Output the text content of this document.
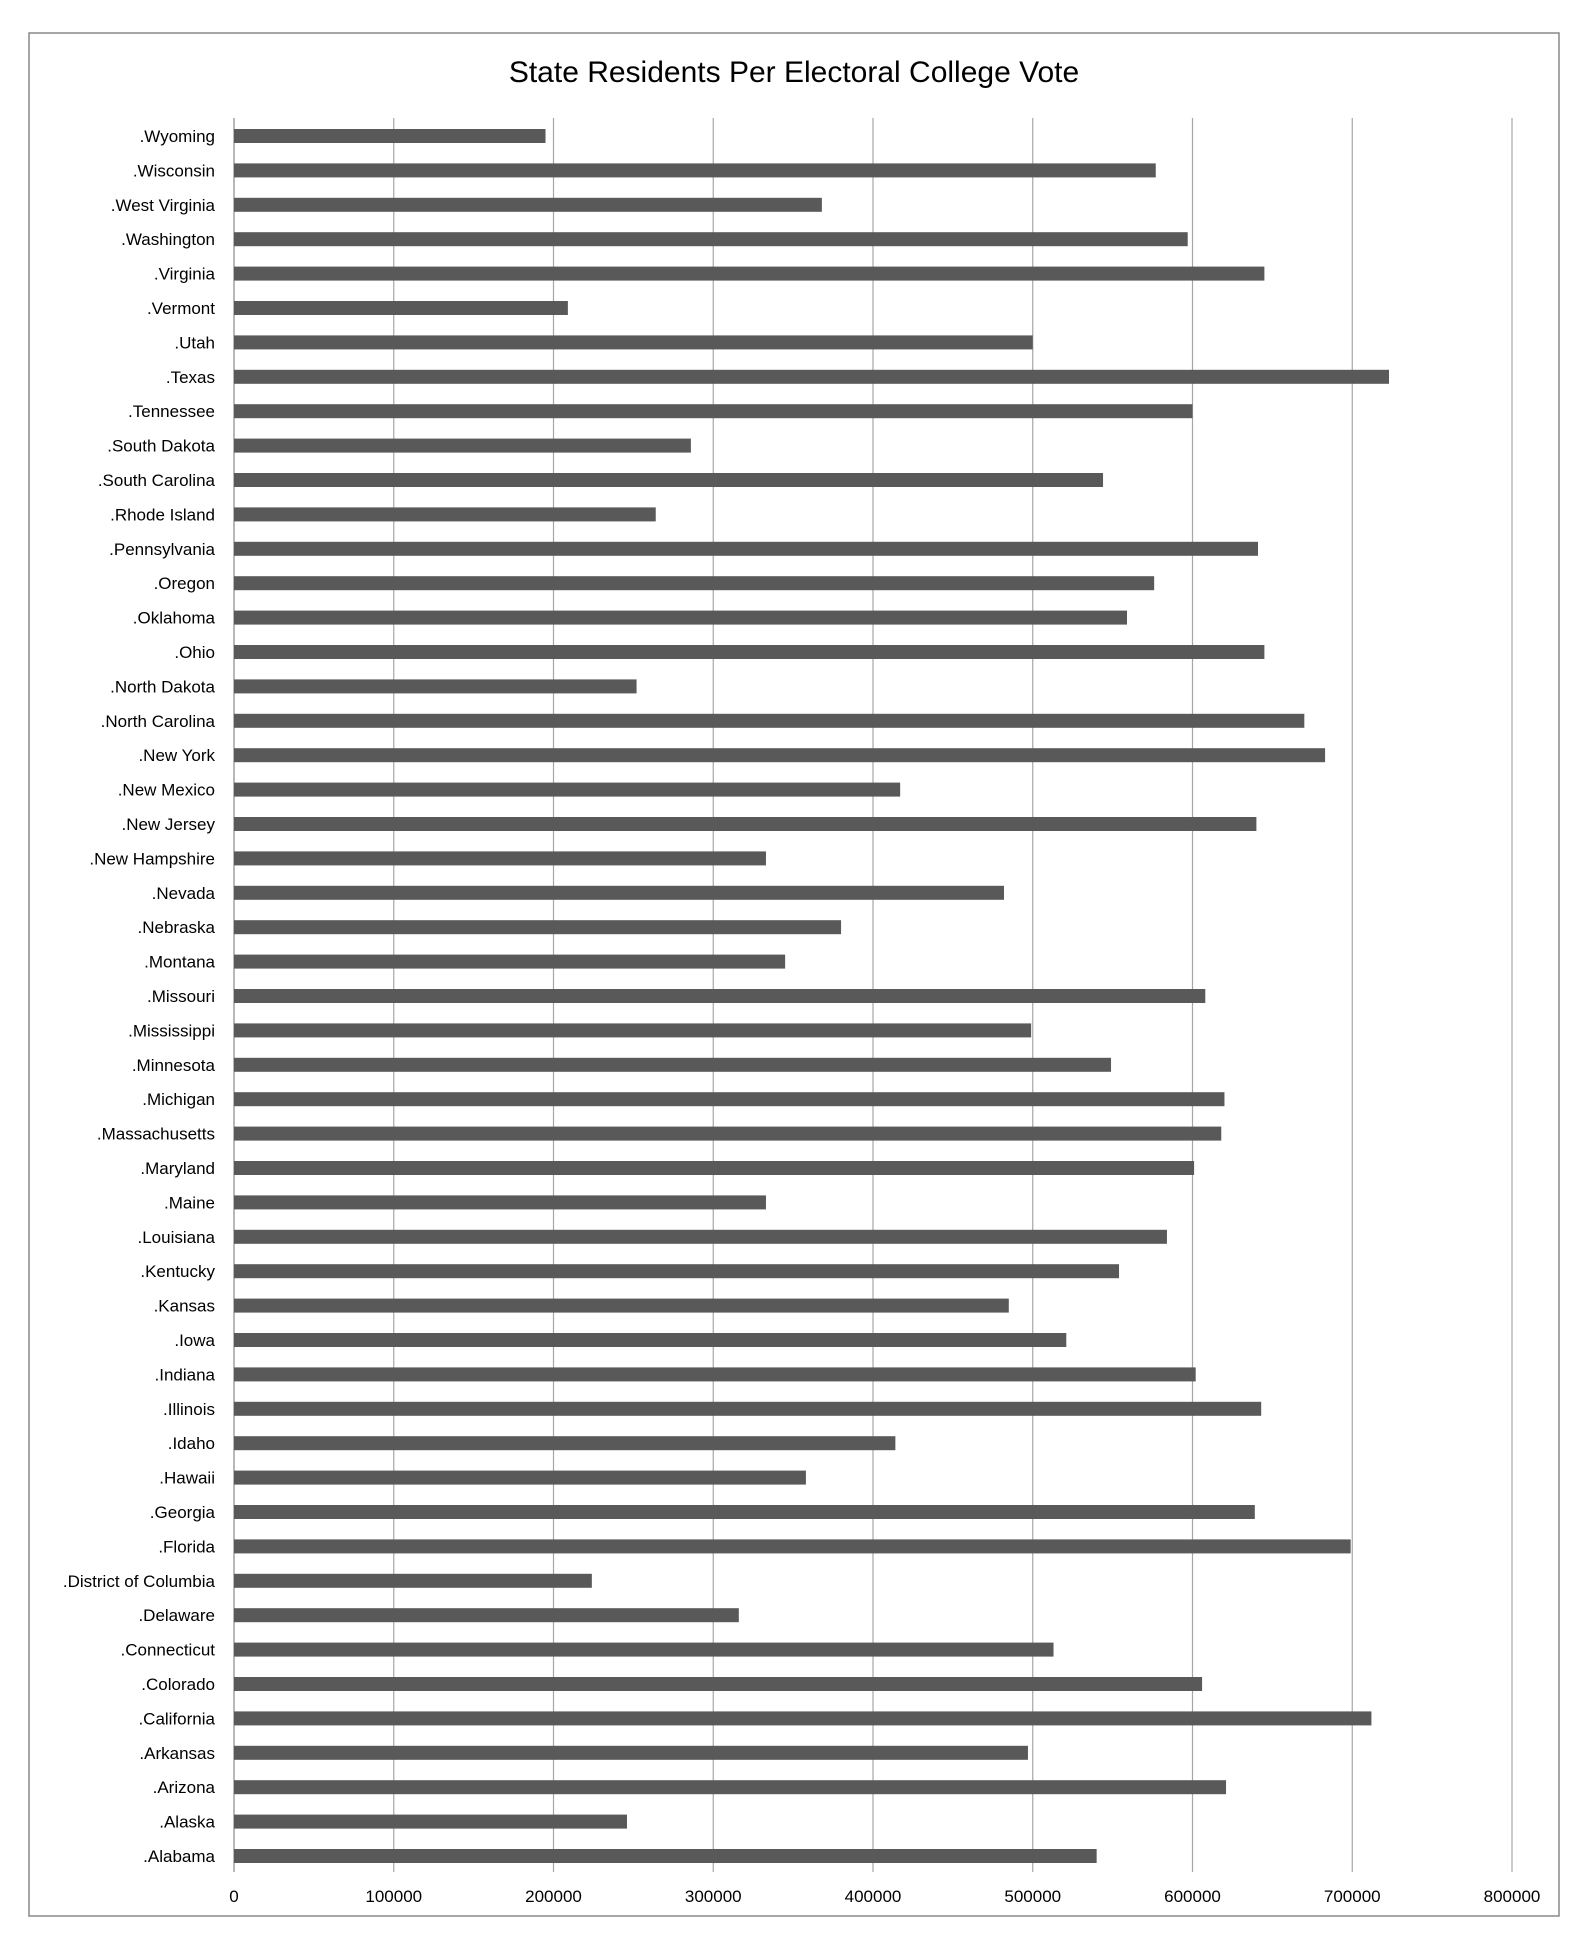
State Residents Per Electoral College Vote
.Wyoming
.Wisconsin
.West Virginia
.Washington
.Virginia
.Vermont
.Utah
.Texas
.Tennessee
.South Dakota
.South Carolina
.Rhode Island
.Pennsylvania
.Oregon
.Oklahoma
.Ohio
.North Dakota
.North Carolina
.New York
.New Mexico
.New Jersey
.New Hampshire
.Nevada
.Nebraska
.Montana
.Missouri
.Mississippi
.Minnesota
.Michigan
.Massachusetts
.Maryland
.Maine
.Louisiana
.Kentucky
.Kansas
.Iowa
.Indiana
.Illinois
.Idaho
.Hawaii
.Georgia
.Florida
.District of Columbia
.Delaware
.Connecticut
.Colorado
.California
.Arkansas
.Arizona
.Alaska
.Alabama
0	100000	200000	300000	400000	500000	600000	700000	800000
